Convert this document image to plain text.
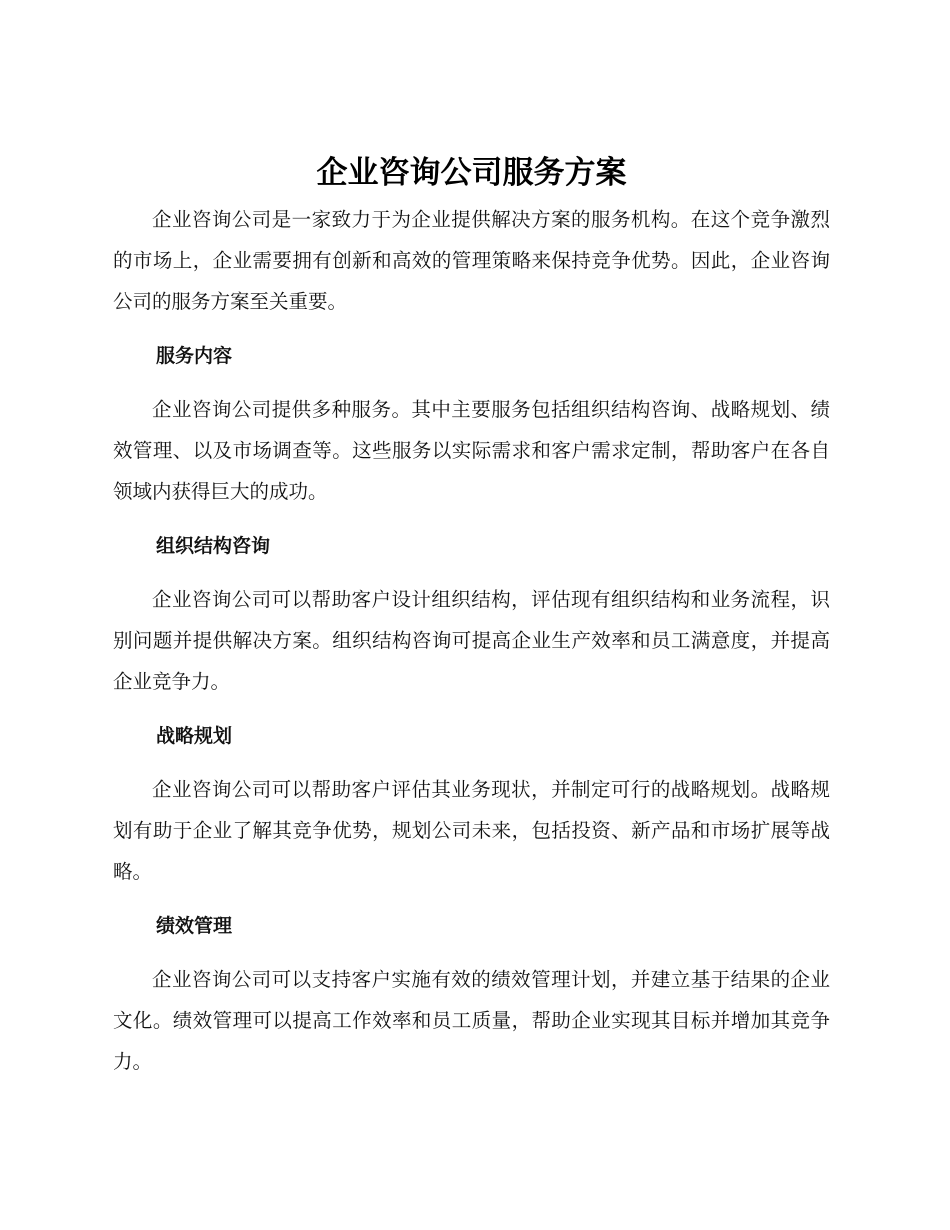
企业咨询公司服务方案

企业咨询公司是一家致力于为企业提供解决方案的服务机构。在这个竞争激烈的市场上，企业需要拥有创新和高效的管理策略来保持竞争优势。因此，企业咨询公司的服务方案至关重要。

服务内容

企业咨询公司提供多种服务。其中主要服务包括组织结构咨询、战略规划、绩效管理、以及市场调查等。这些服务以实际需求和客户需求定制，帮助客户在各自领域内获得巨大的成功。

组织结构咨询

企业咨询公司可以帮助客户设计组织结构，评估现有组织结构和业务流程，识别问题并提供解决方案。组织结构咨询可提高企业生产效率和员工满意度，并提高企业竞争力。

战略规划

企业咨询公司可以帮助客户评估其业务现状，并制定可行的战略规划。战略规划有助于企业了解其竞争优势，规划公司未来，包括投资、新产品和市场扩展等战略。

绩效管理

企业咨询公司可以支持客户实施有效的绩效管理计划，并建立基于结果的企业文化。绩效管理可以提高工作效率和员工质量，帮助企业实现其目标并增加其竞争力。
